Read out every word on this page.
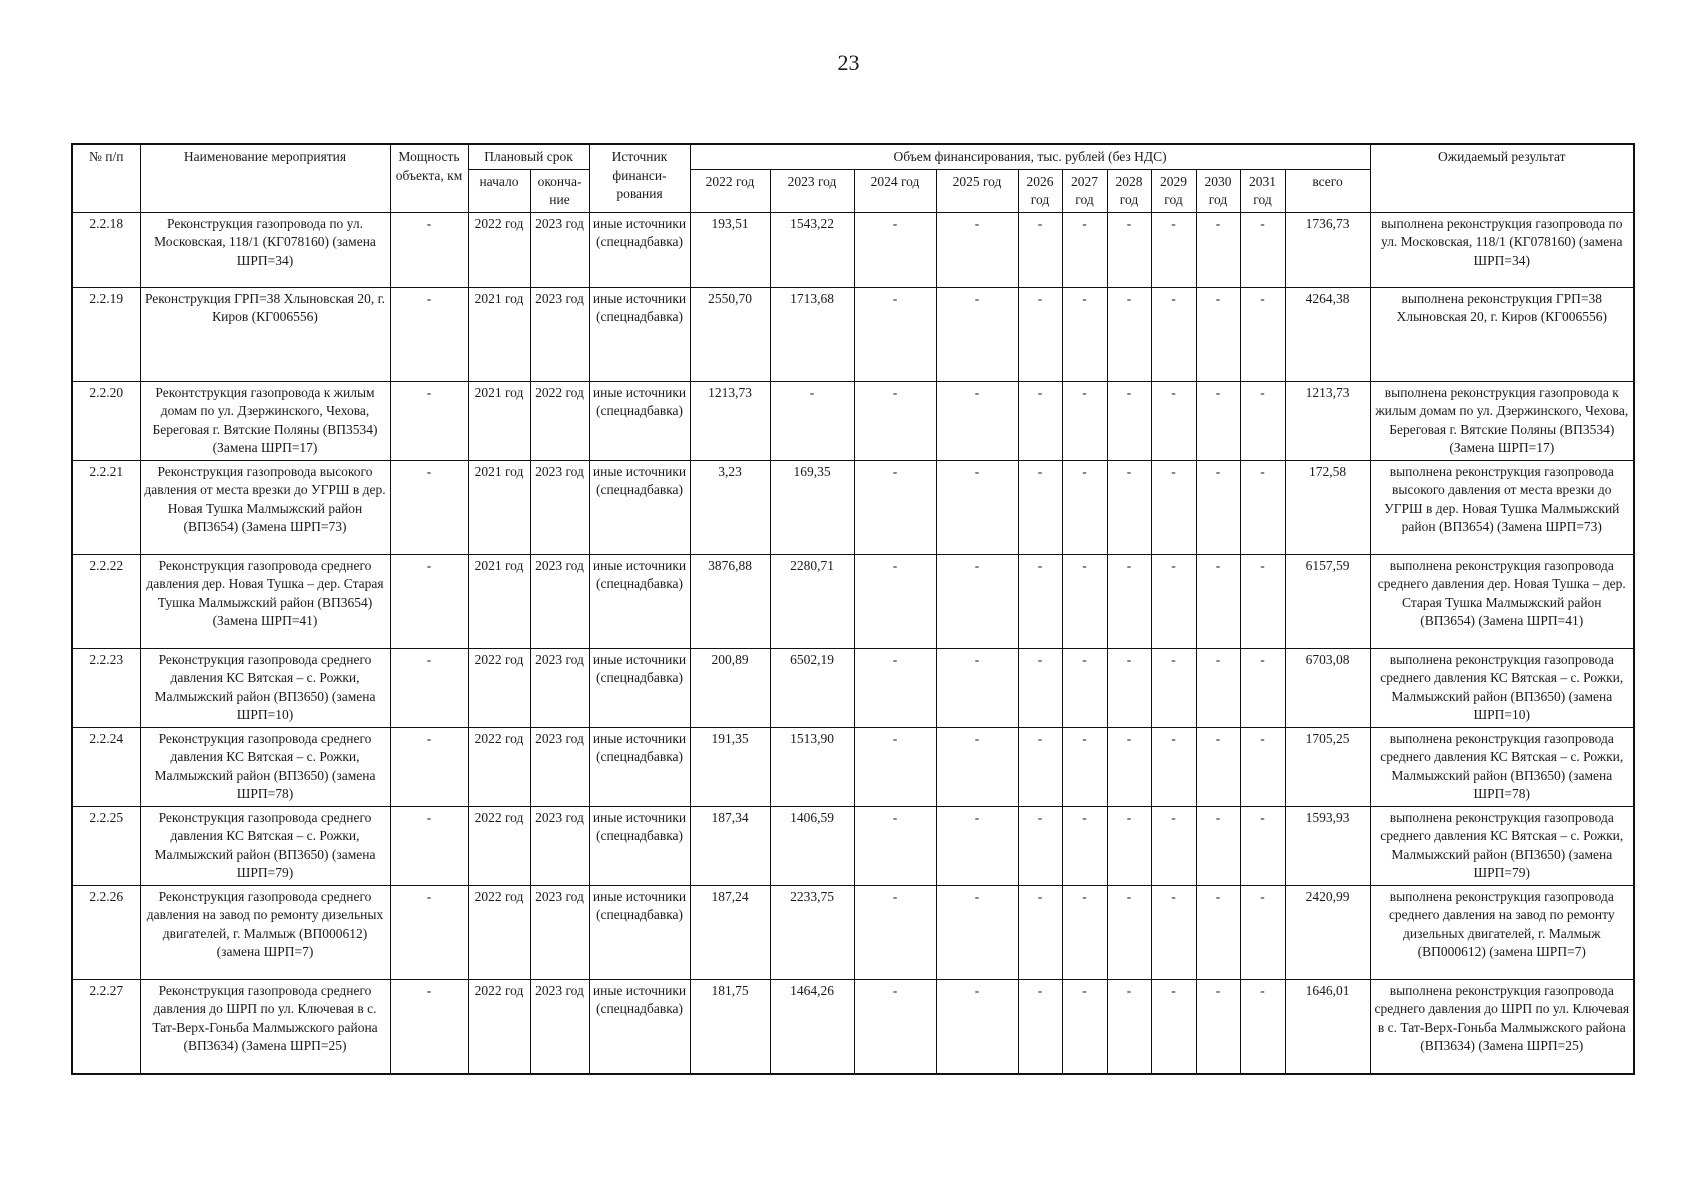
23
№ п/п	Наименование мероприятия	Мощность объекта, км	Плановый срок		Источник финанси-рования	Объем финансирования, тыс. рублей (без НДС)											Ожидаемый результат
			начало	оконча-ние		2022 год	2023 год	2024 год	2025 год	2026 год	2027 год	2028 год	2029 год	2030 год	2031 год	всего	
2.2.18	Реконструкция газопровода по ул. Московская, 118/1 (КГ078160) (замена ШРП=34)	-	2022 год	2023 год	иные источники (спецнадбавка)	193,51	1543,22	-	-	-	-	-	-	-	-	1736,73	выполнена реконструкция газопровода по ул. Московская, 118/1 (КГ078160) (замена ШРП=34)
2.2.19	Реконструкция ГРП=38 Хлыновская 20, г. Киров (КГ006556)	-	2021 год	2023 год	иные источники (спецнадбавка)	2550,70	1713,68	-	-	-	-	-	-	-	-	4264,38	выполнена реконструкция ГРП=38 Хлыновская 20, г. Киров (КГ006556)
2.2.20	Реконтструкция газопровода к жилым домам по ул. Дзержинского, Чехова, Береговая г. Вятские Поляны (ВП3534) (Замена ШРП=17)	-	2021 год	2022 год	иные источники (спецнадбавка)	1213,73	-	-	-	-	-	-	-	-	-	1213,73	выполнена реконструкция газопровода к жилым домам по ул. Дзержинского, Чехова, Береговая г. Вятские Поляны (ВП3534) (Замена ШРП=17)
2.2.21	Реконструкция газопровода высокого давления от места врезки до УГРШ в дер. Новая Тушка Малмыжский район (ВП3654) (Замена ШРП=73)	-	2021 год	2023 год	иные источники (спецнадбавка)	3,23	169,35	-	-	-	-	-	-	-	-	172,58	выполнена реконструкция газопровода высокого давления от места врезки до УГРШ в дер. Новая Тушка Малмыжский район (ВП3654) (Замена ШРП=73)
2.2.22	Реконструкция газопровода среднего давления дер. Новая Тушка – дер. Старая Тушка Малмыжский район (ВП3654) (Замена ШРП=41)	-	2021 год	2023 год	иные источники (спецнадбавка)	3876,88	2280,71	-	-	-	-	-	-	-	-	6157,59	выполнена реконструкция газопровода среднего давления дер. Новая Тушка – дер. Старая Тушка Малмыжский район (ВП3654) (Замена ШРП=41)
2.2.23	Реконструкция газопровода среднего давления КС Вятская – с. Рожки, Малмыжский район (ВП3650) (замена ШРП=10)	-	2022 год	2023 год	иные источники (спецнадбавка)	200,89	6502,19	-	-	-	-	-	-	-	-	6703,08	выполнена реконструкция газопровода среднего давления КС Вятская – с. Рожки, Малмыжский район (ВП3650) (замена ШРП=10)
2.2.24	Реконструкция газопровода среднего давления КС Вятская – с. Рожки, Малмыжский район (ВП3650) (замена ШРП=78)	-	2022 год	2023 год	иные источники (спецнадбавка)	191,35	1513,90	-	-	-	-	-	-	-	-	1705,25	выполнена реконструкция газопровода среднего давления КС Вятская – с. Рожки, Малмыжский район (ВП3650) (замена ШРП=78)
2.2.25	Реконструкция газопровода среднего давления КС Вятская – с. Рожки, Малмыжский район (ВП3650) (замена ШРП=79)	-	2022 год	2023 год	иные источники (спецнадбавка)	187,34	1406,59	-	-	-	-	-	-	-	-	1593,93	выполнена реконструкция газопровода среднего давления КС Вятская – с. Рожки, Малмыжский район (ВП3650) (замена ШРП=79)
2.2.26	Реконструкция газопровода среднего давления на завод по ремонту дизельных двигателей, г. Малмыж (ВП000612) (замена ШРП=7)	-	2022 год	2023 год	иные источники (спецнадбавка)	187,24	2233,75	-	-	-	-	-	-	-	-	2420,99	выполнена реконструкция газопровода среднего давления на завод по ремонту дизельных двигателей, г. Малмыж (ВП000612) (замена ШРП=7)
2.2.27	Реконструкция газопровода среднего давления до ШРП по ул. Ключевая в с. Тат-Верх-Гоньба Малмыжского района (ВП3634) (Замена ШРП=25)	-	2022 год	2023 год	иные источники (спецнадбавка)	181,75	1464,26	-	-	-	-	-	-	-	-	1646,01	выполнена реконструкция газопровода среднего давления до ШРП по ул. Ключевая в с. Тат-Верх-Гоньба Малмыжского района (ВП3634) (Замена ШРП=25)
